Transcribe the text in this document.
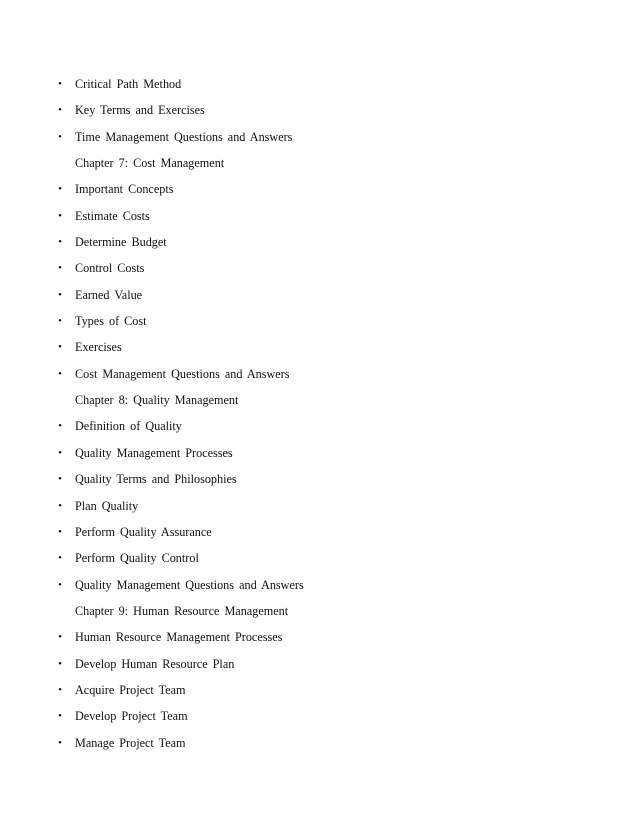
• Critical Path Method
• Key Terms and Exercises
• Time Management Questions and Answers
Chapter 7: Cost Management
• Important Concepts
• Estimate Costs
• Determine Budget
• Control Costs
• Earned Value
• Types of Cost
• Exercises
• Cost Management Questions and Answers
Chapter 8: Quality Management
• Definition of Quality
• Quality Management Processes
• Quality Terms and Philosophies
• Plan Quality
• Perform Quality Assurance
• Perform Quality Control
• Quality Management Questions and Answers
Chapter 9: Human Resource Management
• Human Resource Management Processes
• Develop Human Resource Plan
• Acquire Project Team
• Develop Project Team
• Manage Project Team
